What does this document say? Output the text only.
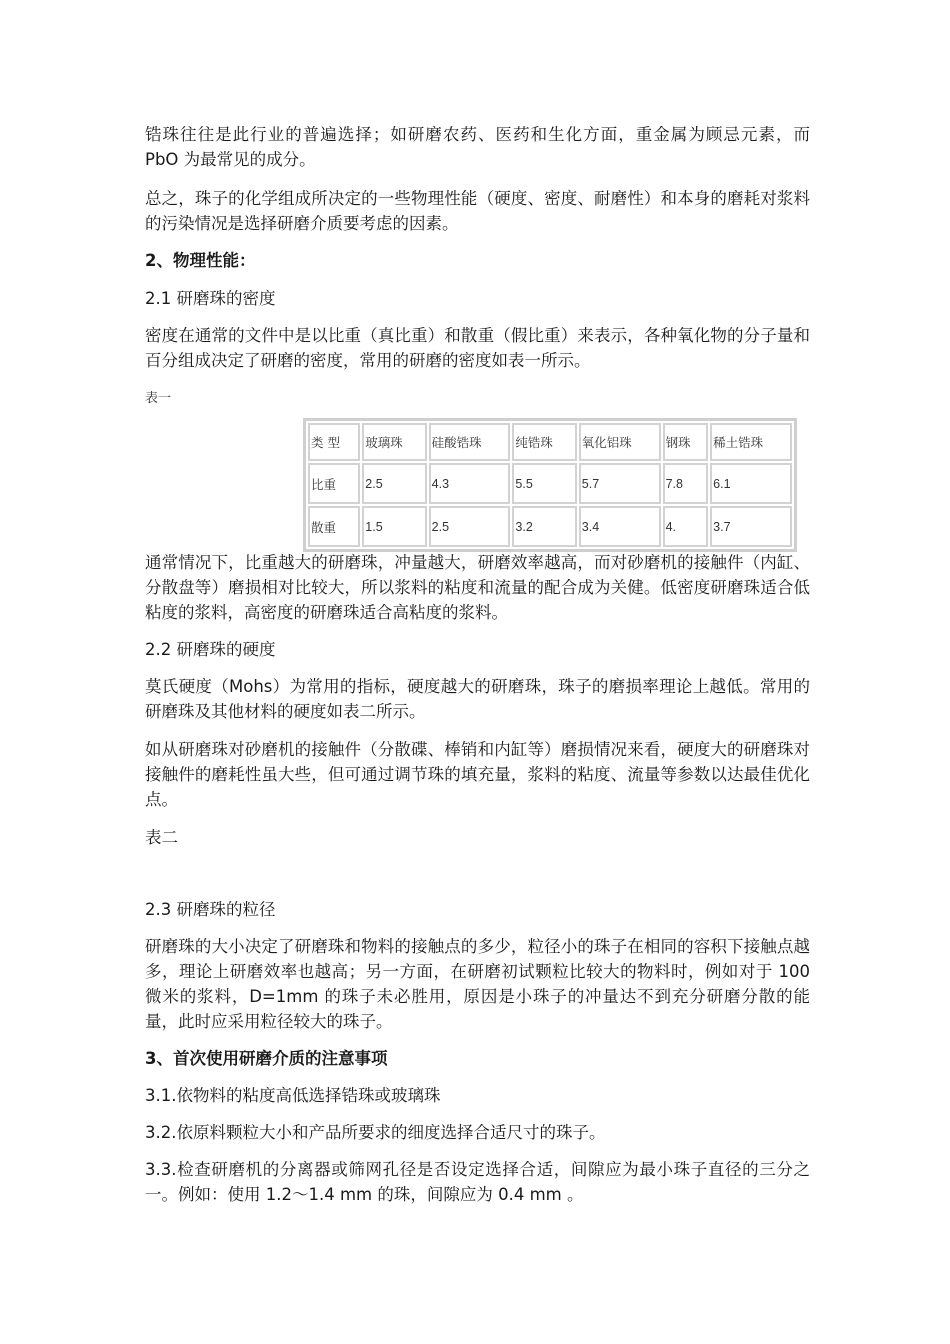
锆珠往往是此行业的普遍选择；如研磨农药、医药和生化方面，重金属为顾忌元素，而 PbO 为最常见的成分。

总之，珠子的化学组成所决定的一些物理性能（硬度、密度、耐磨性）和本身的磨耗对浆料的污染情况是选择研磨介质要考虑的因素。

2、物理性能：

2.1 研磨珠的密度

密度在通常的文件中是以比重（真比重）和散重（假比重）来表示，各种氧化物的分子量和百分组成决定了研磨的密度，常用的研磨的密度如表一所示。

表一

类 型	玻璃珠	硅酸锆珠	纯锆珠	氧化铝珠	钢珠	稀土锆珠
比重	2.5	4.3	5.5	5.7	7.8	6.1
散重	1.5	2.5	3.2	3.4	4.	3.7

通常情况下，比重越大的研磨珠，冲量越大，研磨效率越高，而对砂磨机的接触件（内缸、分散盘等）磨损相对比较大，所以浆料的粘度和流量的配合成为关健。低密度研磨珠适合低粘度的浆料，高密度的研磨珠适合高粘度的浆料。

2.2 研磨珠的硬度

莫氏硬度（Mohs）为常用的指标，硬度越大的研磨珠，珠子的磨损率理论上越低。常用的研磨珠及其他材料的硬度如表二所示。

如从研磨珠对砂磨机的接触件（分散碟、棒销和内缸等）磨损情况来看，硬度大的研磨珠对接触件的磨耗性虽大些，但可通过调节珠的填充量，浆料的粘度、流量等参数以达最佳优化点。

表二

2.3 研磨珠的粒径

研磨珠的大小决定了研磨珠和物料的接触点的多少，粒径小的珠子在相同的容积下接触点越多，理论上研磨效率也越高；另一方面，在研磨初试颗粒比较大的物料时，例如对于 100 微米的浆料，D=1mm 的珠子未必胜用，原因是小珠子的冲量达不到充分研磨分散的能量，此时应采用粒径较大的珠子。

3、首次使用研磨介质的注意事项

3.1.依物料的粘度高低选择锆珠或玻璃珠

3.2.依原料颗粒大小和产品所要求的细度选择合适尺寸的珠子。

3.3.检查研磨机的分离器或筛网孔径是否设定选择合适，间隙应为最小珠子直径的三分之一。例如：使用 1.2～1.4 mm 的珠，间隙应为 0.4 mm 。
